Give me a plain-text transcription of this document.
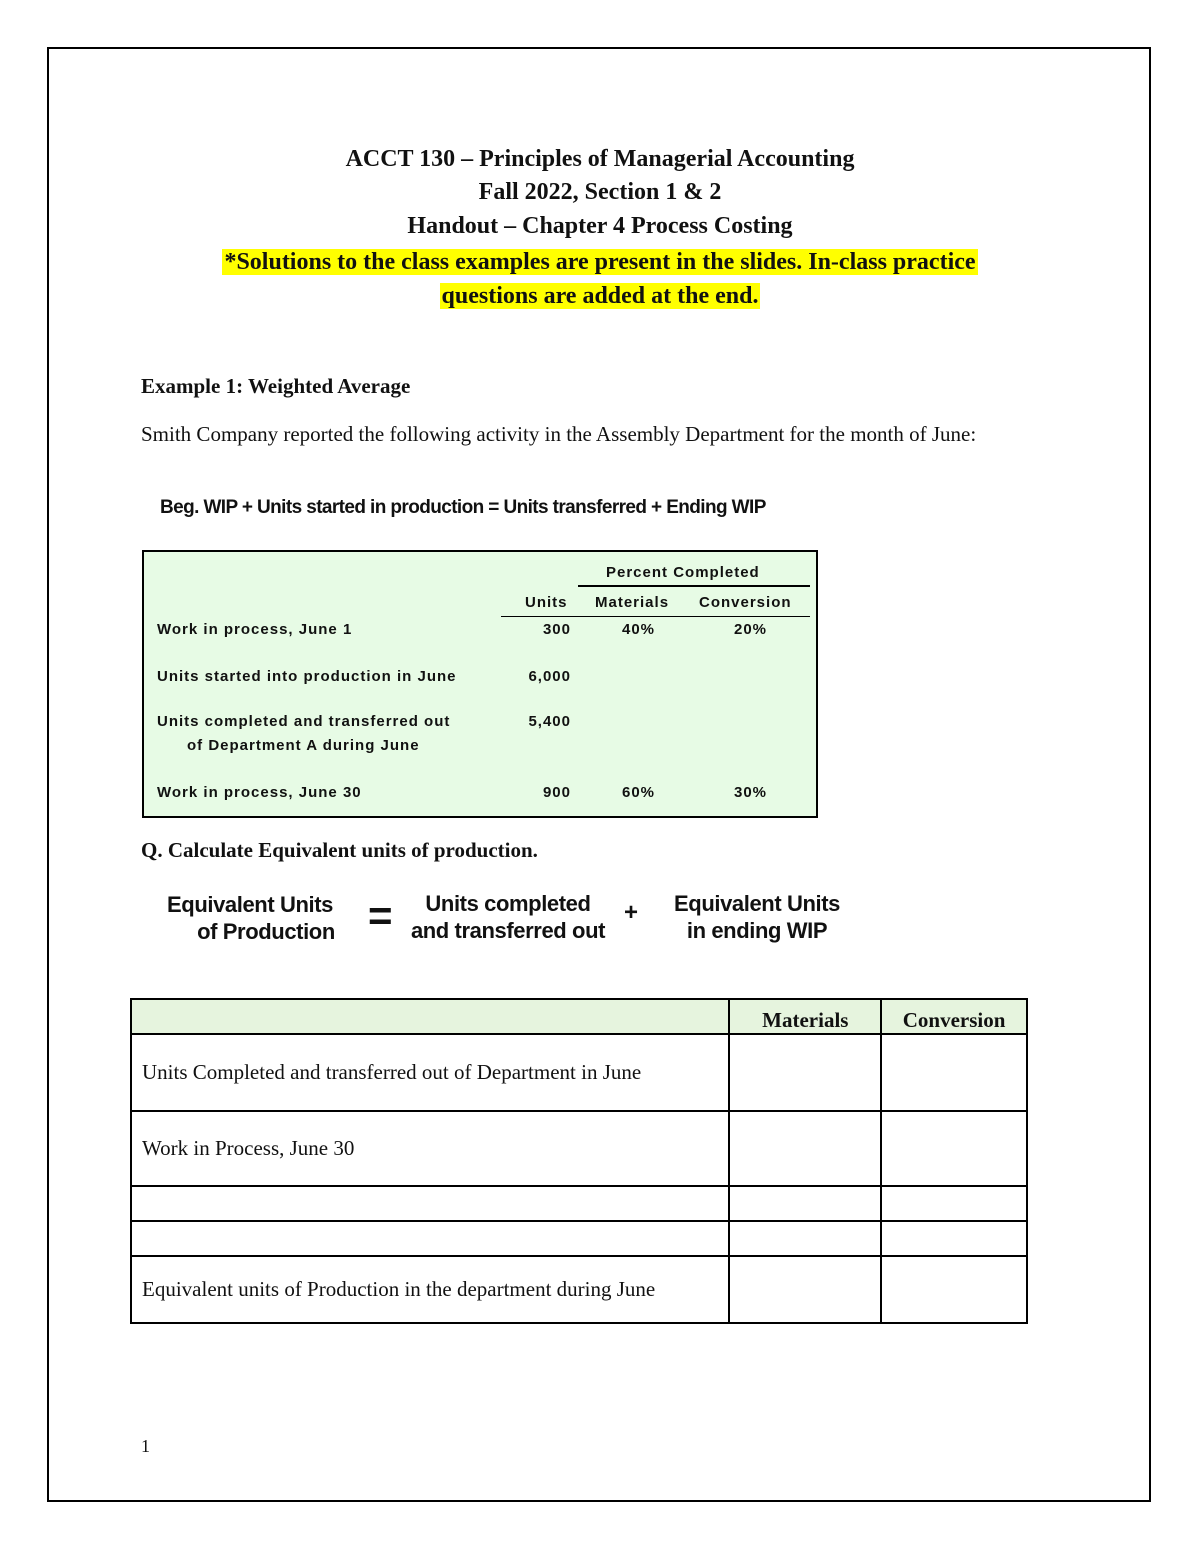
ACCT 130 – Principles of Managerial Accounting
Fall 2022, Section 1 & 2
Handout – Chapter 4 Process Costing
*Solutions to the class examples are present in the slides. In-class practice
questions are added at the end.
Example 1: Weighted Average
Smith Company reported the following activity in the Assembly Department for the month of June:
Beg. WIP + Units started in production = Units transferred + Ending WIP
Percent Completed
Units Materials Conversion
Work in process, June 1	300	40%	20%
Units started into production in June	6,000
Units completed and transferred out
of Department A during June
5,400
Work in process, June 30	900	60%	30%
Q. Calculate Equivalent units of production.
Equivalent Units
of Production =	Units completed
and transferred out
+	Equivalent Units
in ending WIP
	Materials	Conversion
Units Completed and transferred out of Department in June		
Work in Process, June 30		

Equivalent units of Production in the department during June		
1
